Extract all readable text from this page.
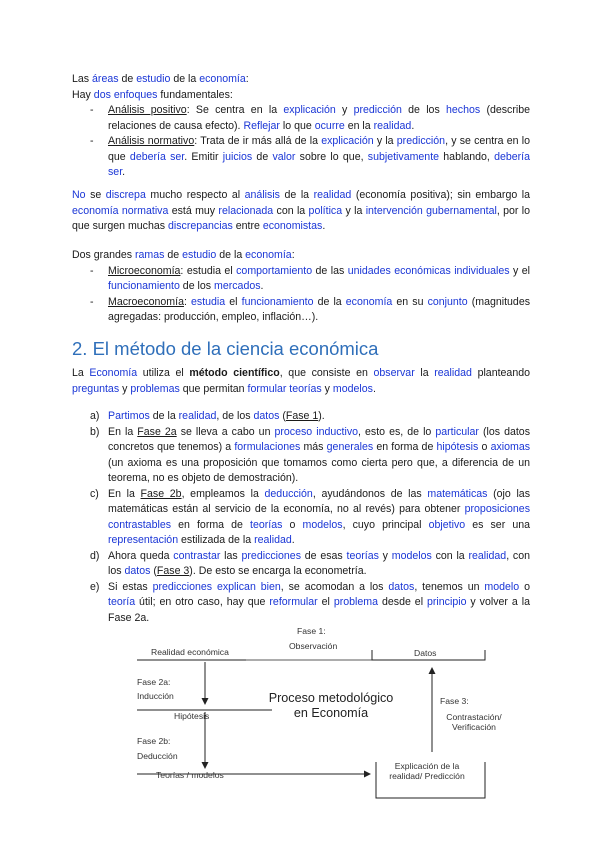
Las áreas de estudio de la economía:

Hay dos enfoques fundamentales:

- Análisis positivo: Se centra en la explicación y predicción de los hechos (describe relaciones de causa efecto). Reflejar lo que ocurre en la realidad.
- Análisis normativo: Trata de ir más allá de la explicación y la predicción, y se centra en lo que debería ser. Emitir juicios de valor sobre lo que, subjetivamente hablando, debería ser.
No se discrepa mucho respecto al análisis de la realidad (economía positiva); sin embargo la economía normativa está muy relacionada con la política y la intervención gubernamental, por lo que surgen muchas discrepancias entre economistas.

Dos grandes ramas de estudio de la economía:

- Microeconomía: estudia el comportamiento de las unidades económicas individuales y el funcionamiento de los mercados.
- Macroeconomía: estudia el funcionamiento de la economía en su conjunto (magnitudes agregadas: producción, empleo, inflación…).
2. El método de la ciencia económica
La Economía utiliza el método científico, que consiste en observar la realidad planteando preguntas y problemas que permitan formular teorías y modelos.
a) Partimos de la realidad, de los datos (Fase 1).
b) En la Fase 2a se lleva a cabo un proceso inductivo, esto es, de lo particular (los datos concretos que tenemos) a formulaciones más generales en forma de hipótesis o axiomas (un axioma es una proposición que tomamos como cierta pero que, a diferencia de un teorema, no es objeto de demostración).
c) En la Fase 2b, empleamos la deducción, ayudándonos de las matemáticas (ojo las matemáticas están al servicio de la economía, no al revés) para obtener proposiciones contrastables en forma de teorías o modelos, cuyo principal objetivo es ser una representación estilizada de la realidad.
d) Ahora queda contrastar las predicciones de esas teorías y modelos con la realidad, con los datos (Fase 3). De esto se encarga la econometría.
e) Si estas predicciones explican bien, se acomodan a los datos, tenemos un modelo o teoría útil; en otro caso, hay que reformular el problema desde el principio y volver a la Fase 2a.
Realidad económica
Fase 1:
Observación
Datos
Fase 2a:
Inducción
Hipótesis
Proceso metodológico en Economía
Fase 2b:
Deducción
Teorías / modelos
Fase 3:
Contrastación/ Verificación
Explicación de la realidad/ Predicción
